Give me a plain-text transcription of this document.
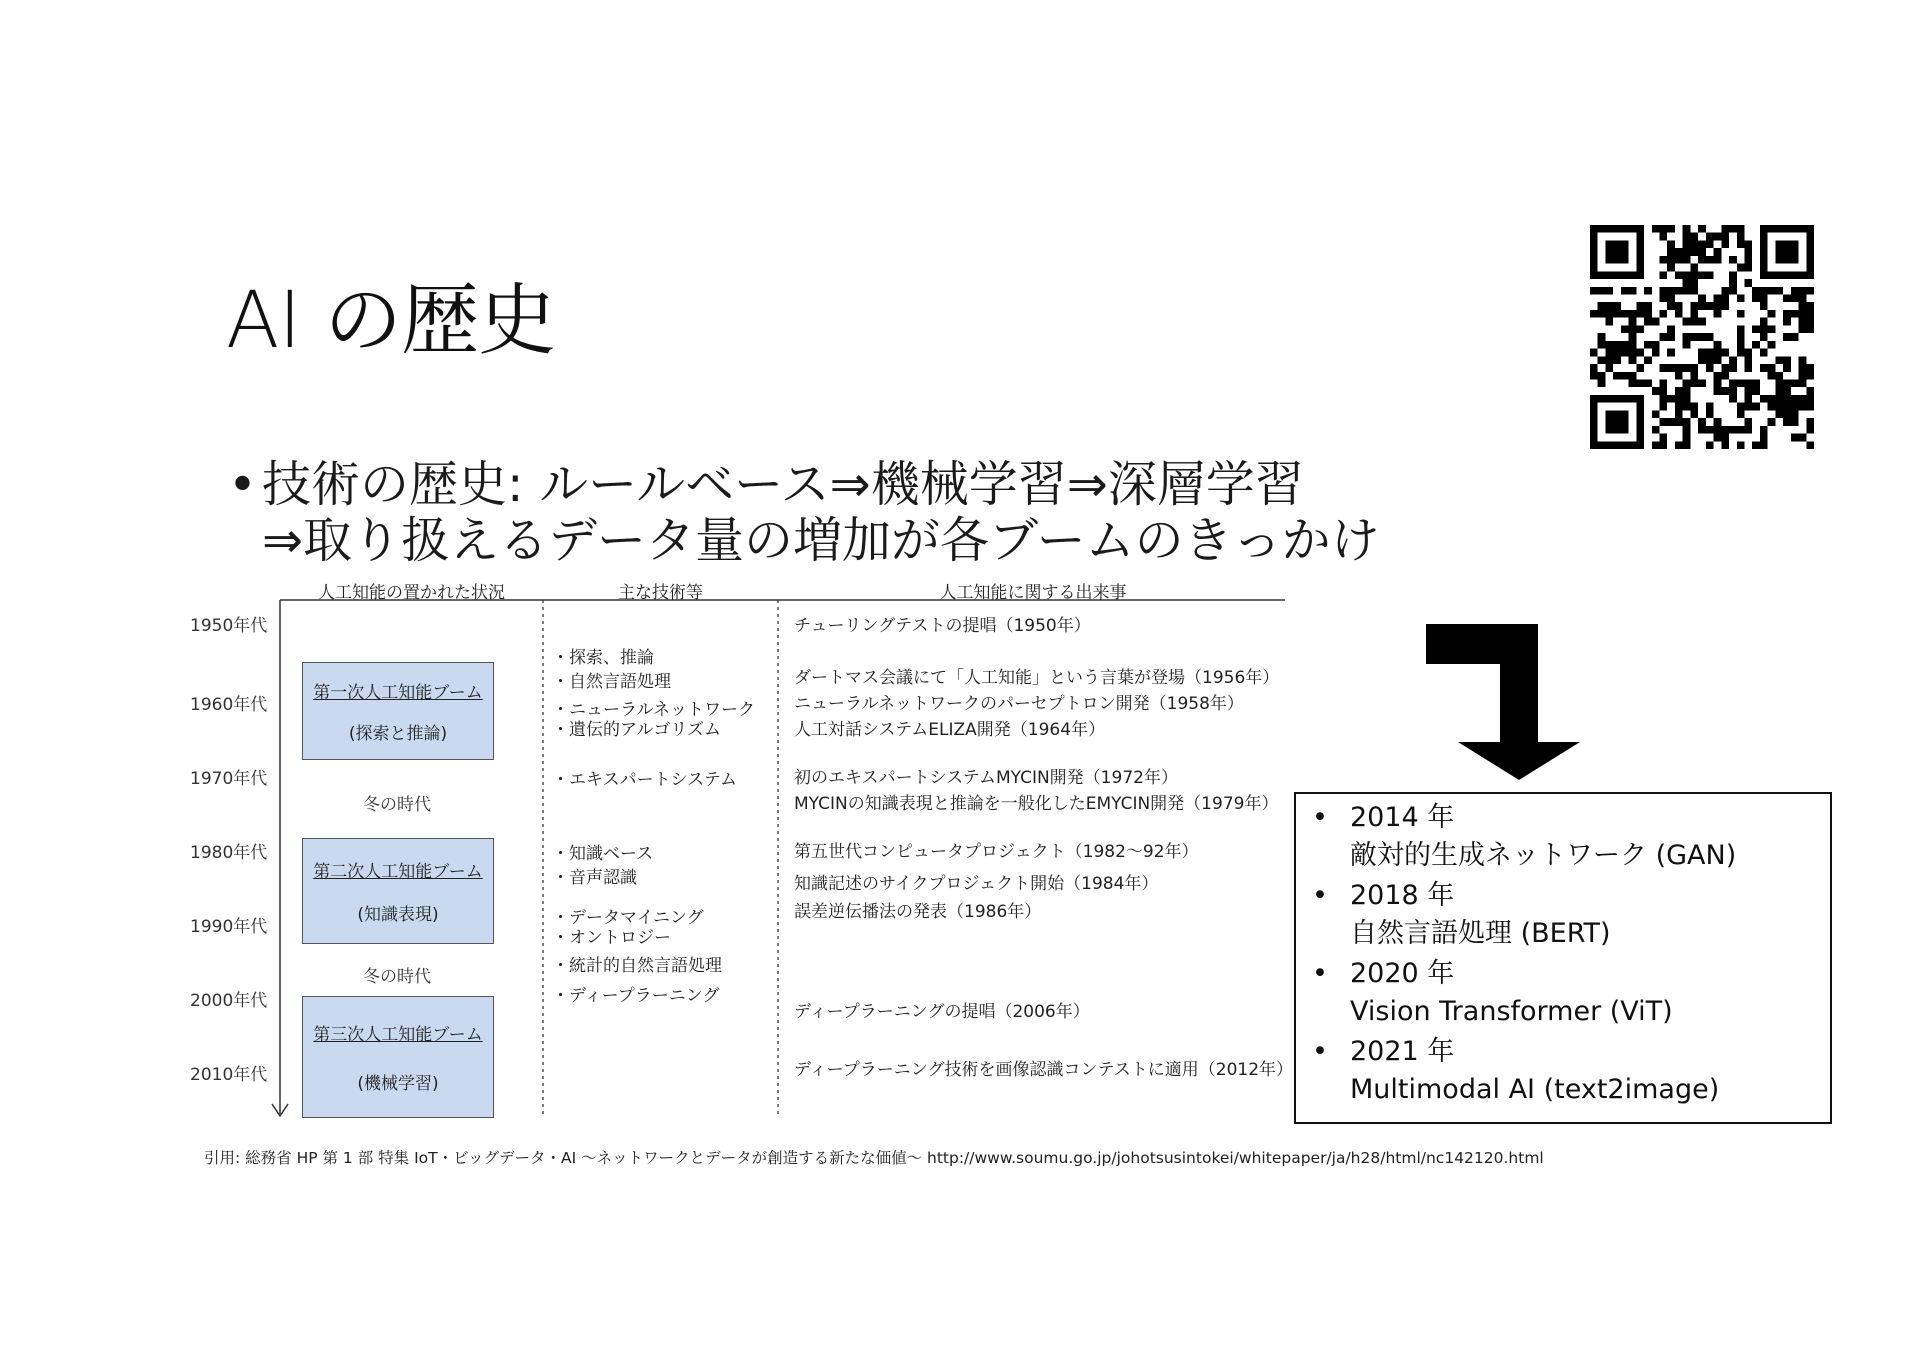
AI の歴史
• 技術の歴史: ルールベース⇒機械学習⇒深層学習
⇒取り扱えるデータ量の増加が各ブームのきっかけ
人工知能の置かれた状況	主な技術等	人工知能に関する出来事
1950年代
1960年代
1970年代
1980年代
1990年代
2000年代
2010年代
第一次人工知能ブーム
(探索と推論)
冬の時代
第二次人工知能ブーム
(知識表現)
冬の時代
第三次人工知能ブーム
(機械学習)
・探索、推論
・自然言語処理
・ニューラルネットワーク
・遺伝的アルゴリズム
・エキスパートシステム
・知識ベース
・音声認識
・データマイニング
・オントロジー
・統計的自然言語処理
・ディープラーニング
チューリングテストの提唱（1950年）
ダートマス会議にて「人工知能」という言葉が登場（1956年）
ニューラルネットワークのパーセプトロン開発（1958年）
人工対話システムELIZA開発（1964年）
初のエキスパートシステムMYCIN開発（1972年）
MYCINの知識表現と推論を一般化したEMYCIN開発（1979年）
第五世代コンピュータプロジェクト（1982～92年）
知識記述のサイクプロジェクト開始（1984年）
誤差逆伝播法の発表（1986年）
ディープラーニングの提唱（2006年）
ディープラーニング技術を画像認識コンテストに適用（2012年）
• 2014 年
敵対的生成ネットワーク (GAN)
• 2018 年
自然言語処理 (BERT)
• 2020 年
Vision Transformer (ViT)
• 2021 年
Multimodal AI (text2image)
引用: 総務省 HP 第 1 部 特集 IoT・ビッグデータ・AI ～ネットワークとデータが創造する新たな価値～ http://www.soumu.go.jp/johotsusintokei/whitepaper/ja/h28/html/nc142120.html
